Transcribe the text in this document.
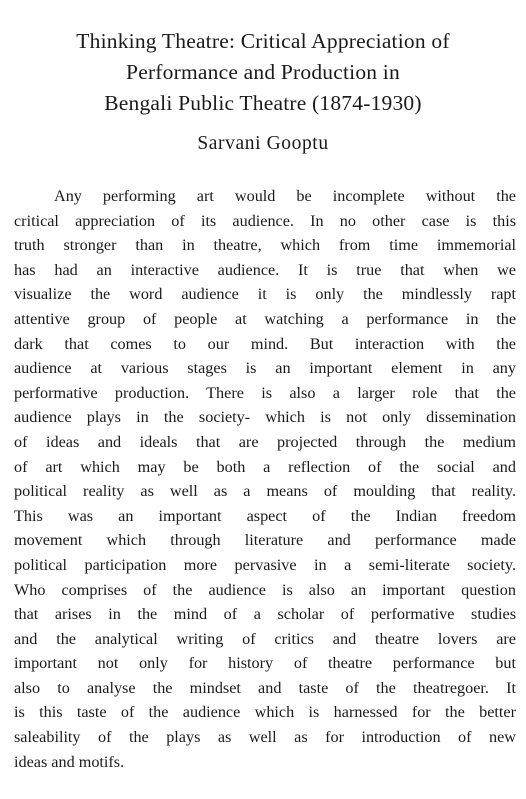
Thinking Theatre: Critical Appreciation of
Performance and Production in
Bengali Public Theatre (1874-1930)
Sarvani Gooptu
Any performing art would be incomplete without the
critical appreciation of its audience. In no other case is this
truth stronger than in theatre, which from time immemorial
has had an interactive audience. It is true that when we
visualize the word audience it is only the mindlessly rapt
attentive group of people at watching a performance in the
dark that comes to our mind. But interaction with the
audience at various stages is an important element in any
performative production. There is also a larger role that the
audience plays in the society- which is not only dissemination
of ideas and ideals that are projected through the medium
of art which may be both a reflection of the social and
political reality as well as a means of moulding that reality.
This was an important aspect of the Indian freedom
movement which through literature and performance made
political participation more pervasive in a semi-literate society.
Who comprises of the audience is also an important question
that arises in the mind of a scholar of performative studies
and the analytical writing of critics and theatre lovers are
important not only for history of theatre performance but
also to analyse the mindset and taste of the theatregoer. It
is this taste of the audience which is harnessed for the better
saleability of the plays as well as for introduction of new
ideas and motifs.
